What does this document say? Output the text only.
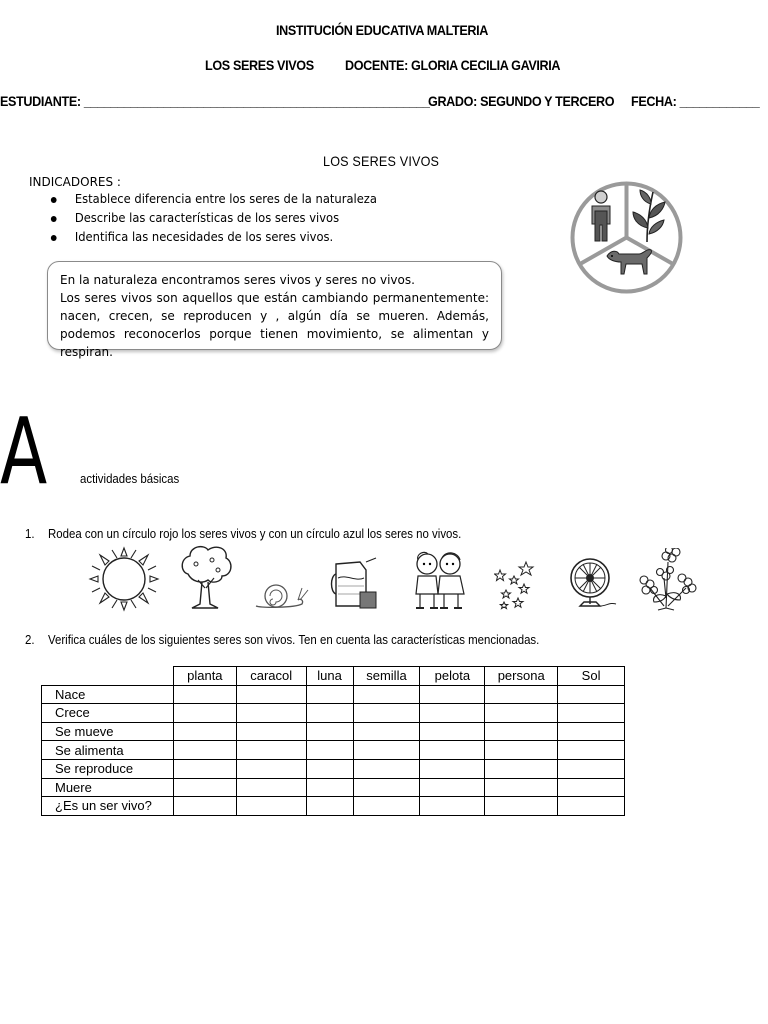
INSTITUCIÓN EDUCATIVA MALTERIA
LOS SERES VIVOS DOCENTE: GLORIA CECILIA GAVIRIA
ESTUDIANTE: ____________________________________________________
GRADO: SEGUNDO Y TERCERO FECHA: ____________
LOS SERES VIVOS
INDICADORES :
Establece diferencia entre los seres de la naturaleza
Describe las características de los seres vivos
Identifica las necesidades de los seres vivos.

En la naturaleza encontramos seres vivos y seres no vivos.

Los seres vivos son aquellos que están cambiando permanentemente: nacen, crecen, se reproducen y , algún día se mueren. Además, podemos reconocerlos porque tienen movimiento, se alimentan y respiran.

A	actividades básicas
1. Rodea con un círculo rojo los seres vivos y con un círculo azul los seres no vivos.
2. Verifica cuáles de los siguientes seres son vivos. Ten en cuenta las características mencionadas.
	planta	caracol	luna	semilla	pelota	persona	Sol
Nace							
Crece							
Se mueve							
Se alimenta							
Se reproduce							
Muere							
¿Es un ser vivo?							
